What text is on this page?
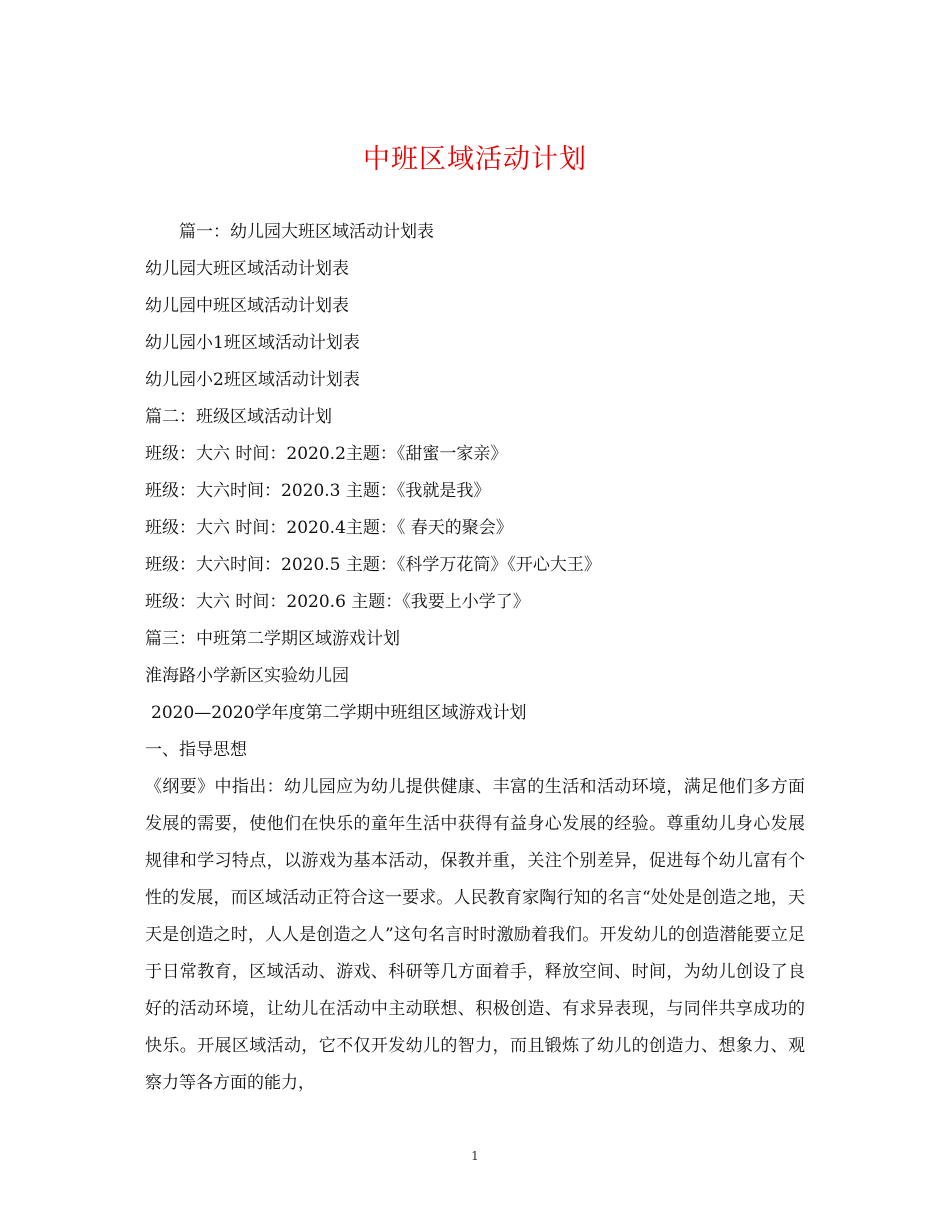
中班区域活动计划
篇一：幼儿园大班区域活动计划表
幼儿园大班区域活动计划表
幼儿园中班区域活动计划表
幼儿园小1班区域活动计划表
幼儿园小2班区域活动计划表
篇二：班级区域活动计划
班级：大六 时间：2020.2主题：《甜蜜一家亲》
班级：大六时间：2020.3 主题：《我就是我》
班级：大六 时间：2020.4主题：《 春天的聚会》
班级：大六时间：2020.5 主题：《科学万花筒》《开心大王》
班级：大六 时间：2020.6 主题：《我要上小学了》
篇三：中班第二学期区域游戏计划
淮海路小学新区实验幼儿园
2020—2020学年度第二学期中班组区域游戏计划
一、指导思想

《纲要》中指出：幼儿园应为幼儿提供健康、丰富的生活和活动环境，满足他们多方面发展的需要，使他们在快乐的童年生活中获得有益身心发展的经验。尊重幼儿身心发展规律和学习特点，以游戏为基本活动，保教并重，关注个别差异，促进每个幼儿富有个性的发展，而区域活动正符合这一要求。人民教育家陶行知的名言“处处是创造之地，天天是创造之时，人人是创造之人”这句名言时时激励着我们。开发幼儿的创造潜能要立足于日常教育，区域活动、游戏、科研等几方面着手，释放空间、时间，为幼儿创设了良好的活动环境，让幼儿在活动中主动联想、积极创造、有求异表现，与同伴共享成功的快乐。开展区域活动，它不仅开发幼儿的智力，而且锻炼了幼儿的创造力、想象力、观察力等各方面的能力，

1
